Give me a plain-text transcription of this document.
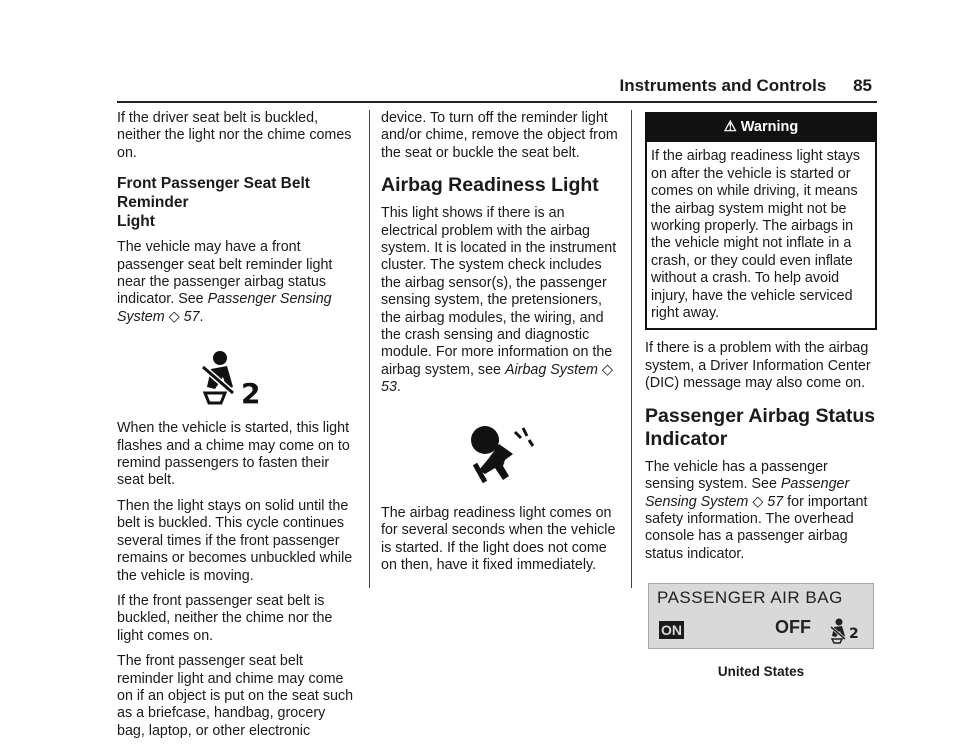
Instruments and Controls 85

If the driver seat belt is buckled, neither the light nor the chime comes on.

Front Passenger Seat Belt Reminder
Light

The vehicle may have a front passenger seat belt reminder light near the passenger airbag status indicator. See Passenger Sensing System ◇ 57.

2

When the vehicle is started, this light flashes and a chime may come on to remind passengers to fasten their seat belt.

Then the light stays on solid until the belt is buckled. This cycle continues several times if the front passenger remains or becomes unbuckled while the vehicle is moving.

If the front passenger seat belt is buckled, neither the chime nor the light comes on.

The front passenger seat belt reminder light and chime may come on if an object is put on the seat such as a briefcase, handbag, grocery bag, laptop, or other electronic

device. To turn off the reminder light and/or chime, remove the object from the seat or buckle the seat belt.

Airbag Readiness Light

This light shows if there is an electrical problem with the airbag system. It is located in the instrument cluster. The system check includes the airbag sensor(s), the passenger sensing system, the pretensioners, the airbag modules, the wiring, and the crash sensing and diagnostic module. For more information on the airbag system, see Airbag System ◇ 53.

The airbag readiness light comes on for several seconds when the vehicle is started. If the light does not come on then, have it fixed immediately.

⚠ Warning
If the airbag readiness light stays on after the vehicle is started or comes on while driving, it means the airbag system might not be working properly. The airbags in the vehicle might not inflate in a crash, or they could even inflate without a crash. To help avoid injury, have the vehicle serviced right away.

If there is a problem with the airbag system, a Driver Information Center (DIC) message may also come on.

Passenger Airbag Status Indicator

The vehicle has a passenger sensing system. See Passenger Sensing System ◇ 57 for important safety information. The overhead console has a passenger airbag status indicator.

PASSENGER AIR BAG
ON	OFF	2
United States
